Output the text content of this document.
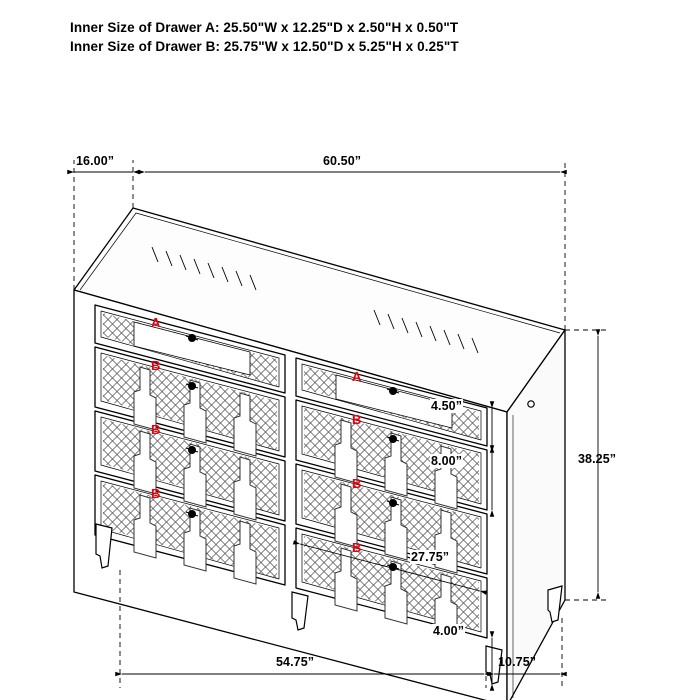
Inner Size of Drawer A: 25.50"W x 12.25"D x 2.50"H x 0.50"T
Inner Size of Drawer B: 25.75"W x 12.50"D x 5.25"H x 0.25"T
A
B
B
B
A
B
B
B
16.00”	60.50”
4.50”
8.00”
27.75”
38.25”
4.00”
54.75”	10.75”
